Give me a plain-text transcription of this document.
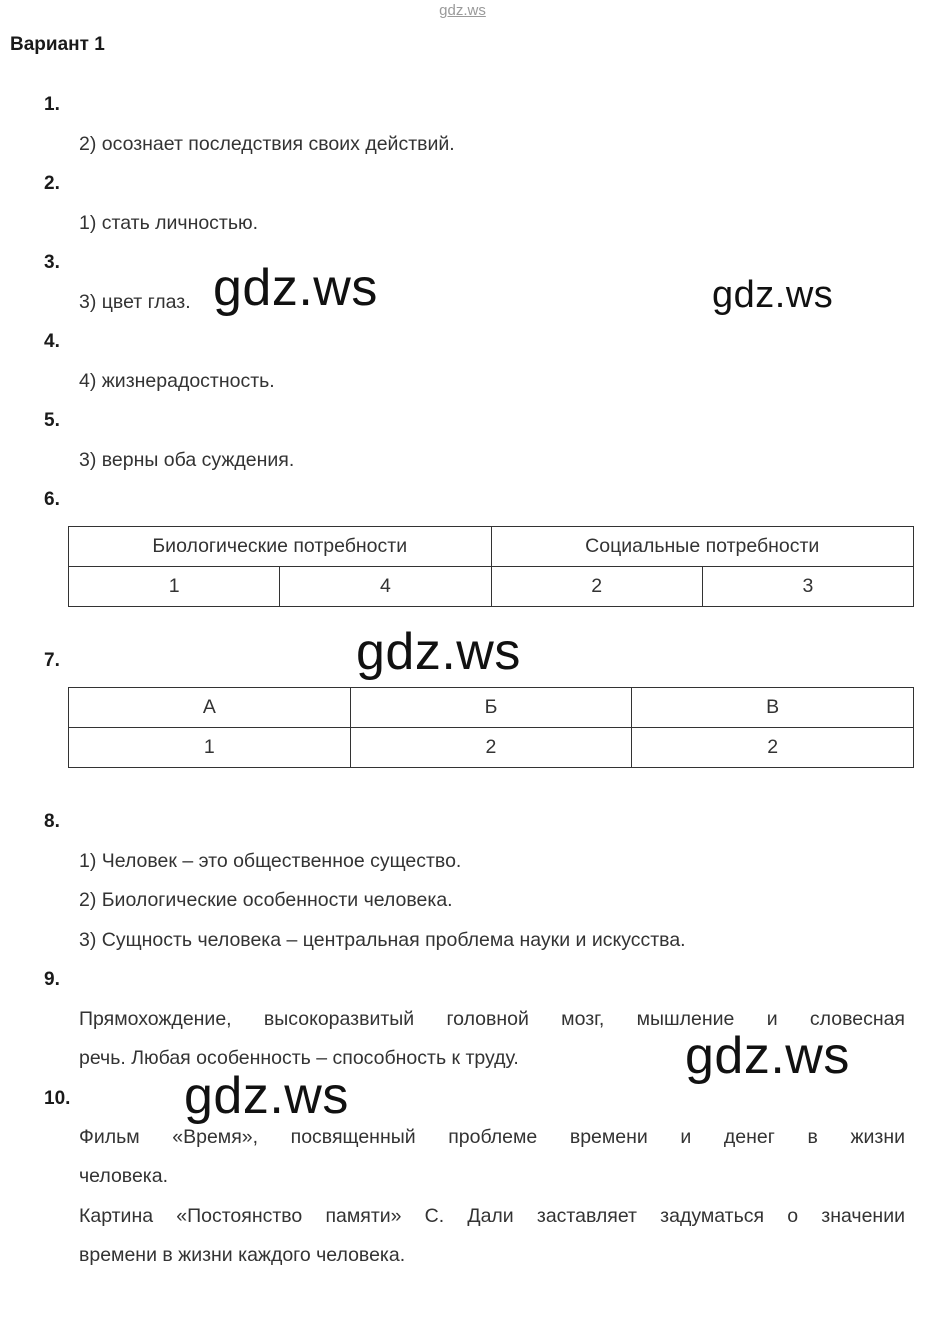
gdz.ws
Вариант 1
1.
2) осознает последствия своих действий.
2.
1) стать личностью.
3.
3) цвет глаз.
4.
4) жизнерадостность.
5.
3) верны оба суждения.
6.
Биологические потребности		Социальные потребности	
1	4	2	3
7.
А	Б	В
1	2	2
8.
1) Человек – это общественное существо.
2) Биологические особенности человека.
3) Сущность человека – центральная проблема науки и искусства.
9.
Прямохождение, высокоразвитый головной мозг, мышление и словесная
речь. Любая особенность – способность к труду.
10.
Фильм «Время», посвященный проблеме времени и денег в жизни
человека.
Картина «Постоянство памяти» С. Дали заставляет задуматься о значении
времени в жизни каждого человека.
gdz.ws	gdz.ws
gdz.ws
gdz.ws
gdz.ws
